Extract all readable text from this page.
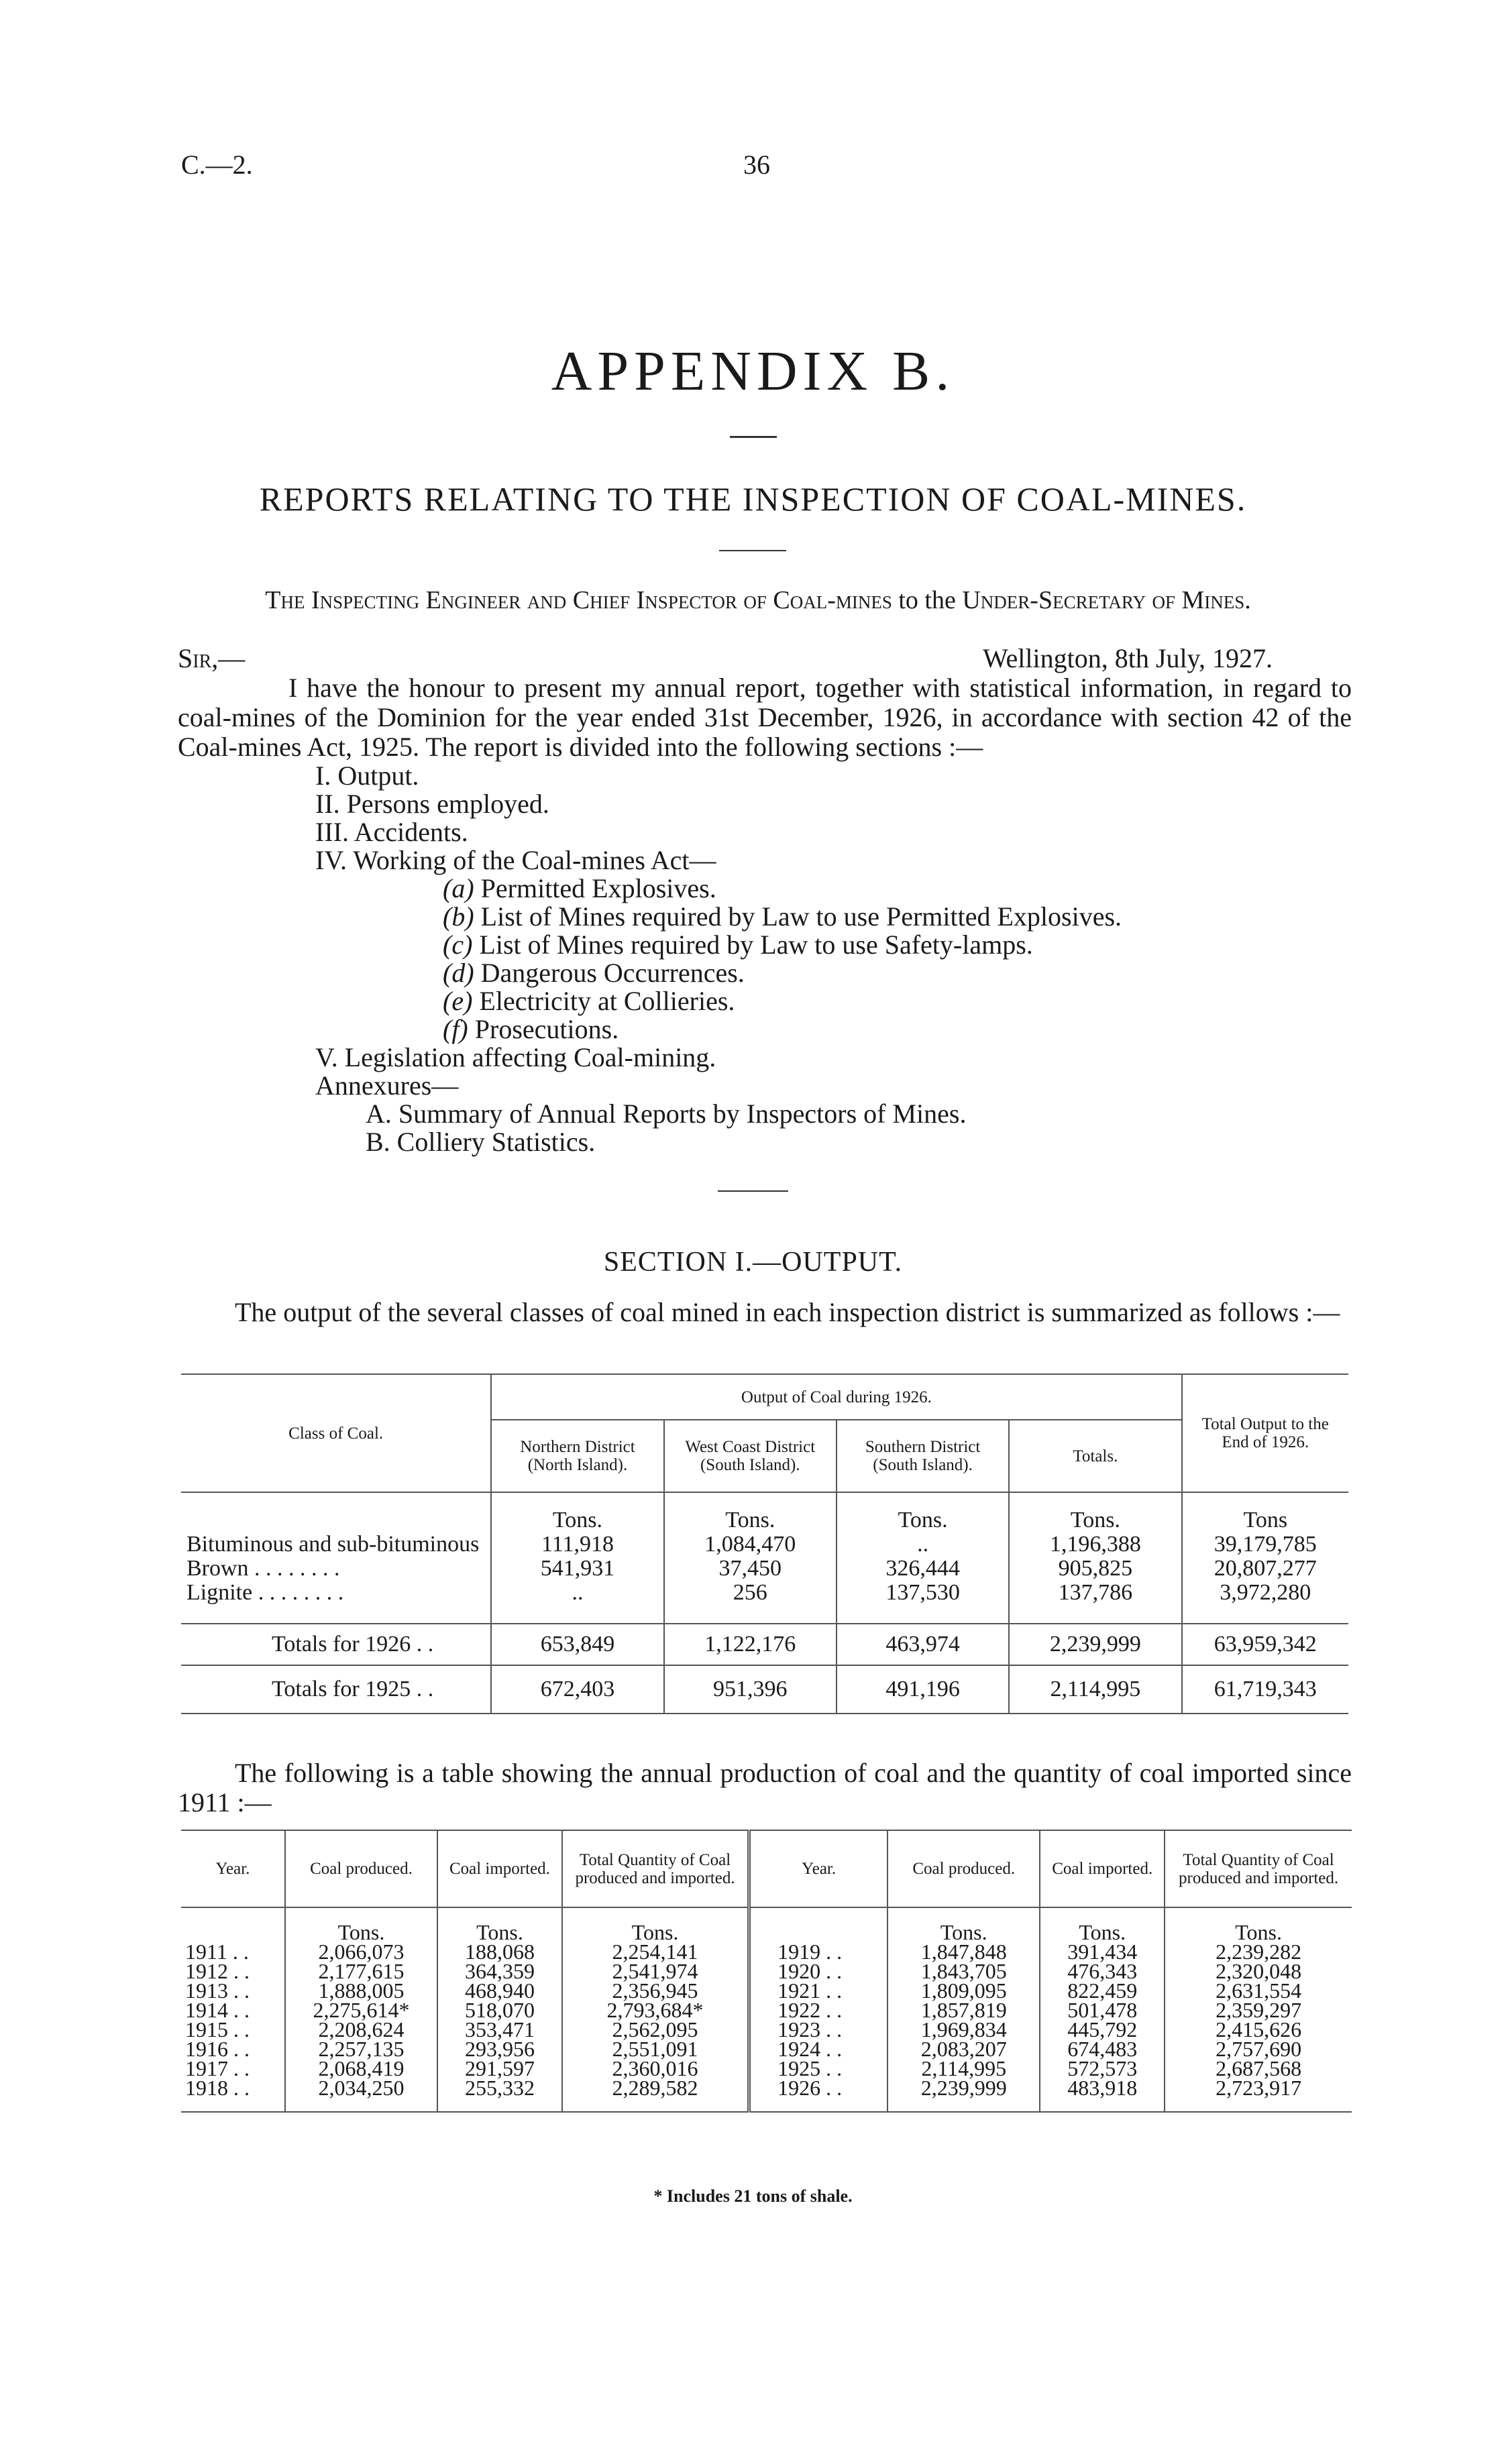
C.—2.	36
APPENDIX B.
REPORTS RELATING TO THE INSPECTION OF COAL-MINES.
The Inspecting Engineer and Chief Inspector of Coal-mines to the Under-Secretary of Mines.
Sir,—	Wellington, 8th July, 1927.
I have the honour to present my annual report, together with statistical information, in regard to coal-mines of the Dominion for the year ended 31st December, 1926, in accordance with section 42 of the Coal-mines Act, 1925. The report is divided into the following sections :—
I. Output.
II. Persons employed.
III. Accidents.
IV. Working of the Coal-mines Act—
(a) Permitted Explosives.
(b) List of Mines required by Law to use Permitted Explosives.
(c) List of Mines required by Law to use Safety-lamps.
(d) Dangerous Occurrences.
(e) Electricity at Collieries.
(f) Prosecutions.
V. Legislation affecting Coal-mining.
Annexures—
A. Summary of Annual Reports by Inspectors of Mines.
B. Colliery Statistics.
SECTION I.—OUTPUT.
The output of the several classes of coal mined in each inspection district is summarized as follows :—
Class of Coal.	Output of Coal during 1926.				Total Output to the End of 1926.
	Northern District (North Island).	West Coast District (South Island).	Southern District (South Island).	Totals.	
	Tons.	Tons.	Tons.	Tons.	Tons
Bituminous and sub-bituminous	111,918	1,084,470	..	1,196,388	39,179,785
Brown . . . . . . . .	541,931	37,450	326,444	905,825	20,807,277
Lignite . . . . . . . .	..	256	137,530	137,786	3,972,280

Totals for 1926 . .	653,849	1,122,176	463,974	2,239,999	63,959,342
Totals for 1925 . .	672,403	951,396	491,196	2,114,995	61,719,343
The following is a table showing the annual production of coal and the quantity of coal imported since 1911 :—
Year.	Coal produced.	Coal imported.	Total Quantity of Coal produced and imported.	Year.	Coal produced.	Coal imported.	Total Quantity of Coal produced and imported.
	Tons.	Tons.	Tons.		Tons.	Tons.	Tons.
1911 . .	2,066,073	188,068	2,254,141	1919 . .	1,847,848	391,434	2,239,282
1912 . .	2,177,615	364,359	2,541,974	1920 . .	1,843,705	476,343	2,320,048
1913 . .	1,888,005	468,940	2,356,945	1921 . .	1,809,095	822,459	2,631,554
1914 . .	2,275,614*	518,070	2,793,684*	1922 . .	1,857,819	501,478	2,359,297
1915 . .	2,208,624	353,471	2,562,095	1923 . .	1,969,834	445,792	2,415,626
1916 . .	2,257,135	293,956	2,551,091	1924 . .	2,083,207	674,483	2,757,690
1917 . .	2,068,419	291,597	2,360,016	1925 . .	2,114,995	572,573	2,687,568
1918 . .	2,034,250	255,332	2,289,582	1926 . .	2,239,999	483,918	2,723,917
* Includes 21 tons of shale.
